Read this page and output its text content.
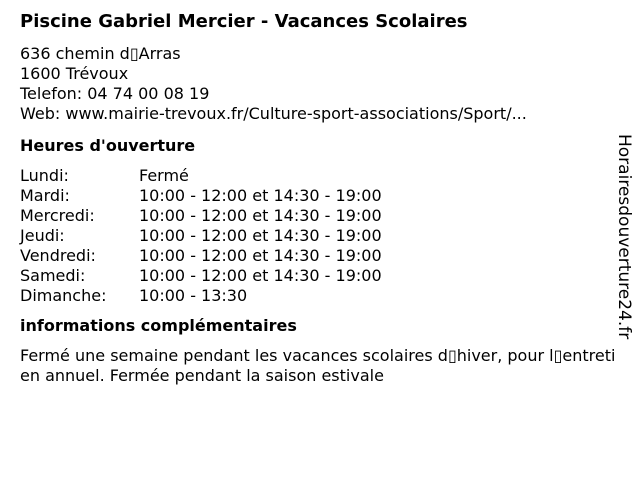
Piscine Gabriel Mercier - Vacances Scolaires
636 chemin d▯Arras
1600 Trévoux
Telefon: 04 74 00 08 19
Web: www.mairie-trevoux.fr/Culture-sport-associations/Sport/...
Heures d'ouverture
Lundi:	Fermé
Mardi:	10:00 - 12:00 et 14:30 - 19:00
Mercredi:	10:00 - 12:00 et 14:30 - 19:00
Jeudi:	10:00 - 12:00 et 14:30 - 19:00
Vendredi:	10:00 - 12:00 et 14:30 - 19:00
Samedi:	10:00 - 12:00 et 14:30 - 19:00
Dimanche:	10:00 - 13:30
informations complémentaires
Fermé une semaine pendant les vacances scolaires d▯hiver, pour l▯entretien annuel. Fermée pendant la saison estivale
Horairesdouverture24.fr
